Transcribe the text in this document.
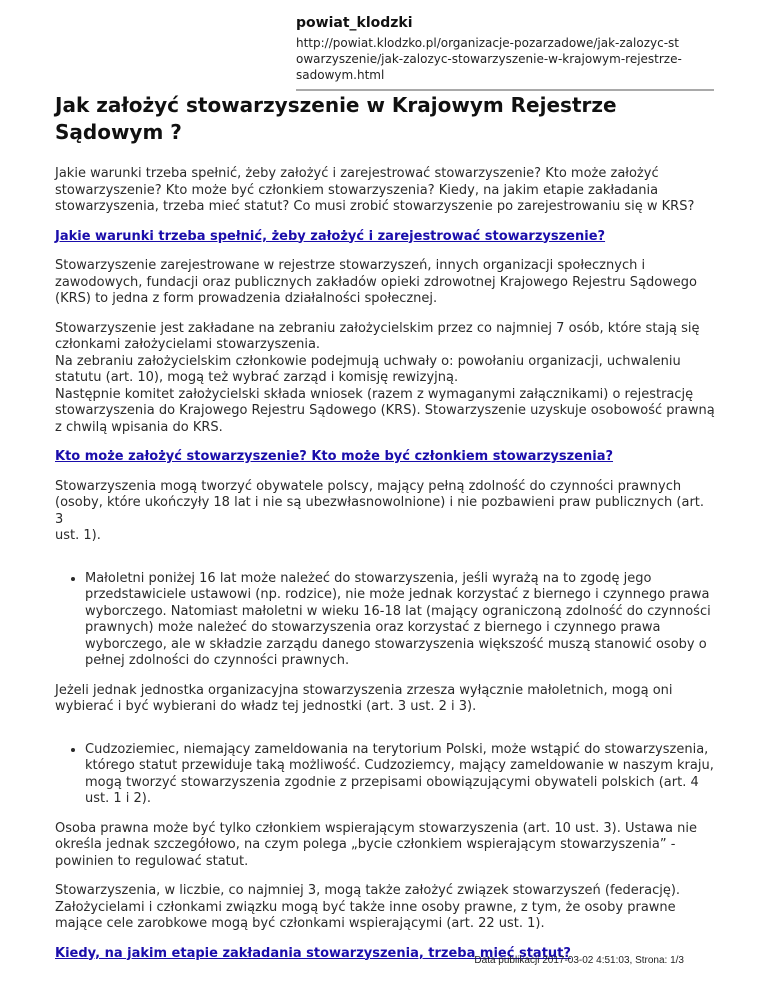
powiat_klodzki
http://powiat.klodzko.pl/organizacje-pozarzadowe/jak-zalozyc-st
owarzyszenie/jak-zalozyc-stowarzyszenie-w-krajowym-rejestrze-
sadowym.html
Jak założyć stowarzyszenie w Krajowym Rejestrze
Sądowym ?

Jakie warunki trzeba spełnić, żeby założyć i zarejestrować stowarzyszenie? Kto może założyć
stowarzyszenie? Kto może być członkiem stowarzyszenia? Kiedy, na jakim etapie zakładania
stowarzyszenia, trzeba mieć statut? Co musi zrobić stowarzyszenie po zarejestrowaniu się w KRS?

Jakie warunki trzeba spełnić, żeby założyć i zarejestrować stowarzyszenie?

Stowarzyszenie zarejestrowane w rejestrze stowarzyszeń, innych organizacji społecznych i
zawodowych, fundacji oraz publicznych zakładów opieki zdrowotnej Krajowego Rejestru Sądowego
(KRS) to jedna z form prowadzenia działalności społecznej.

Stowarzyszenie jest zakładane na zebraniu założycielskim przez co najmniej 7 osób, które stają się
członkami założycielami stowarzyszenia.
Na zebraniu założycielskim członkowie podejmują uchwały o: powołaniu organizacji, uchwaleniu
statutu (art. 10), mogą też wybrać zarząd i komisję rewizyjną.
Następnie komitet założycielski składa wniosek (razem z wymaganymi załącznikami) o rejestrację
stowarzyszenia do Krajowego Rejestru Sądowego (KRS). Stowarzyszenie uzyskuje osobowość prawną
z chwilą wpisania do KRS.

Kto może założyć stowarzyszenie? Kto może być członkiem stowarzyszenia?

Stowarzyszenia mogą tworzyć obywatele polscy, mający pełną zdolność do czynności prawnych
(osoby, które ukończyły 18 lat i nie są ubezwłasnowolnione) i nie pozbawieni praw publicznych (art. 3
ust. 1).

• Małoletni poniżej 16 lat może należeć do stowarzyszenia, jeśli wyrażą na to zgodę jego
przedstawiciele ustawowi (np. rodzice), nie może jednak korzystać z biernego i czynnego prawa
wyborczego. Natomiast małoletni w wieku 16-18 lat (mający ograniczoną zdolność do czynności
prawnych) może należeć do stowarzyszenia oraz korzystać z biernego i czynnego prawa
wyborczego, ale w składzie zarządu danego stowarzyszenia większość muszą stanowić osoby o
pełnej zdolności do czynności prawnych.

Jeżeli jednak jednostka organizacyjna stowarzyszenia zrzesza wyłącznie małoletnich, mogą oni
wybierać i być wybierani do władz tej jednostki (art. 3 ust. 2 i 3).

• Cudzoziemiec, niemający zameldowania na terytorium Polski, może wstąpić do stowarzyszenia,
którego statut przewiduje taką możliwość. Cudzoziemcy, mający zameldowanie w naszym kraju,
mogą tworzyć stowarzyszenia zgodnie z przepisami obowiązującymi obywateli polskich (art. 4
ust. 1 i 2).

Osoba prawna może być tylko członkiem wspierającym stowarzyszenia (art. 10 ust. 3). Ustawa nie
określa jednak szczegółowo, na czym polega „bycie członkiem wspierającym stowarzyszenia” -
powinien to regulować statut.

Stowarzyszenia, w liczbie, co najmniej 3, mogą także założyć związek stowarzyszeń (federację).
Założycielami i członkami związku mogą być także inne osoby prawne, z tym, że osoby prawne
mające cele zarobkowe mogą być członkami wspierającymi (art. 22 ust. 1).

Kiedy, na jakim etapie zakładania stowarzyszenia, trzeba mieć statut?
Data publikacji 2017-03-02 4:51:03, Strona: 1/3
